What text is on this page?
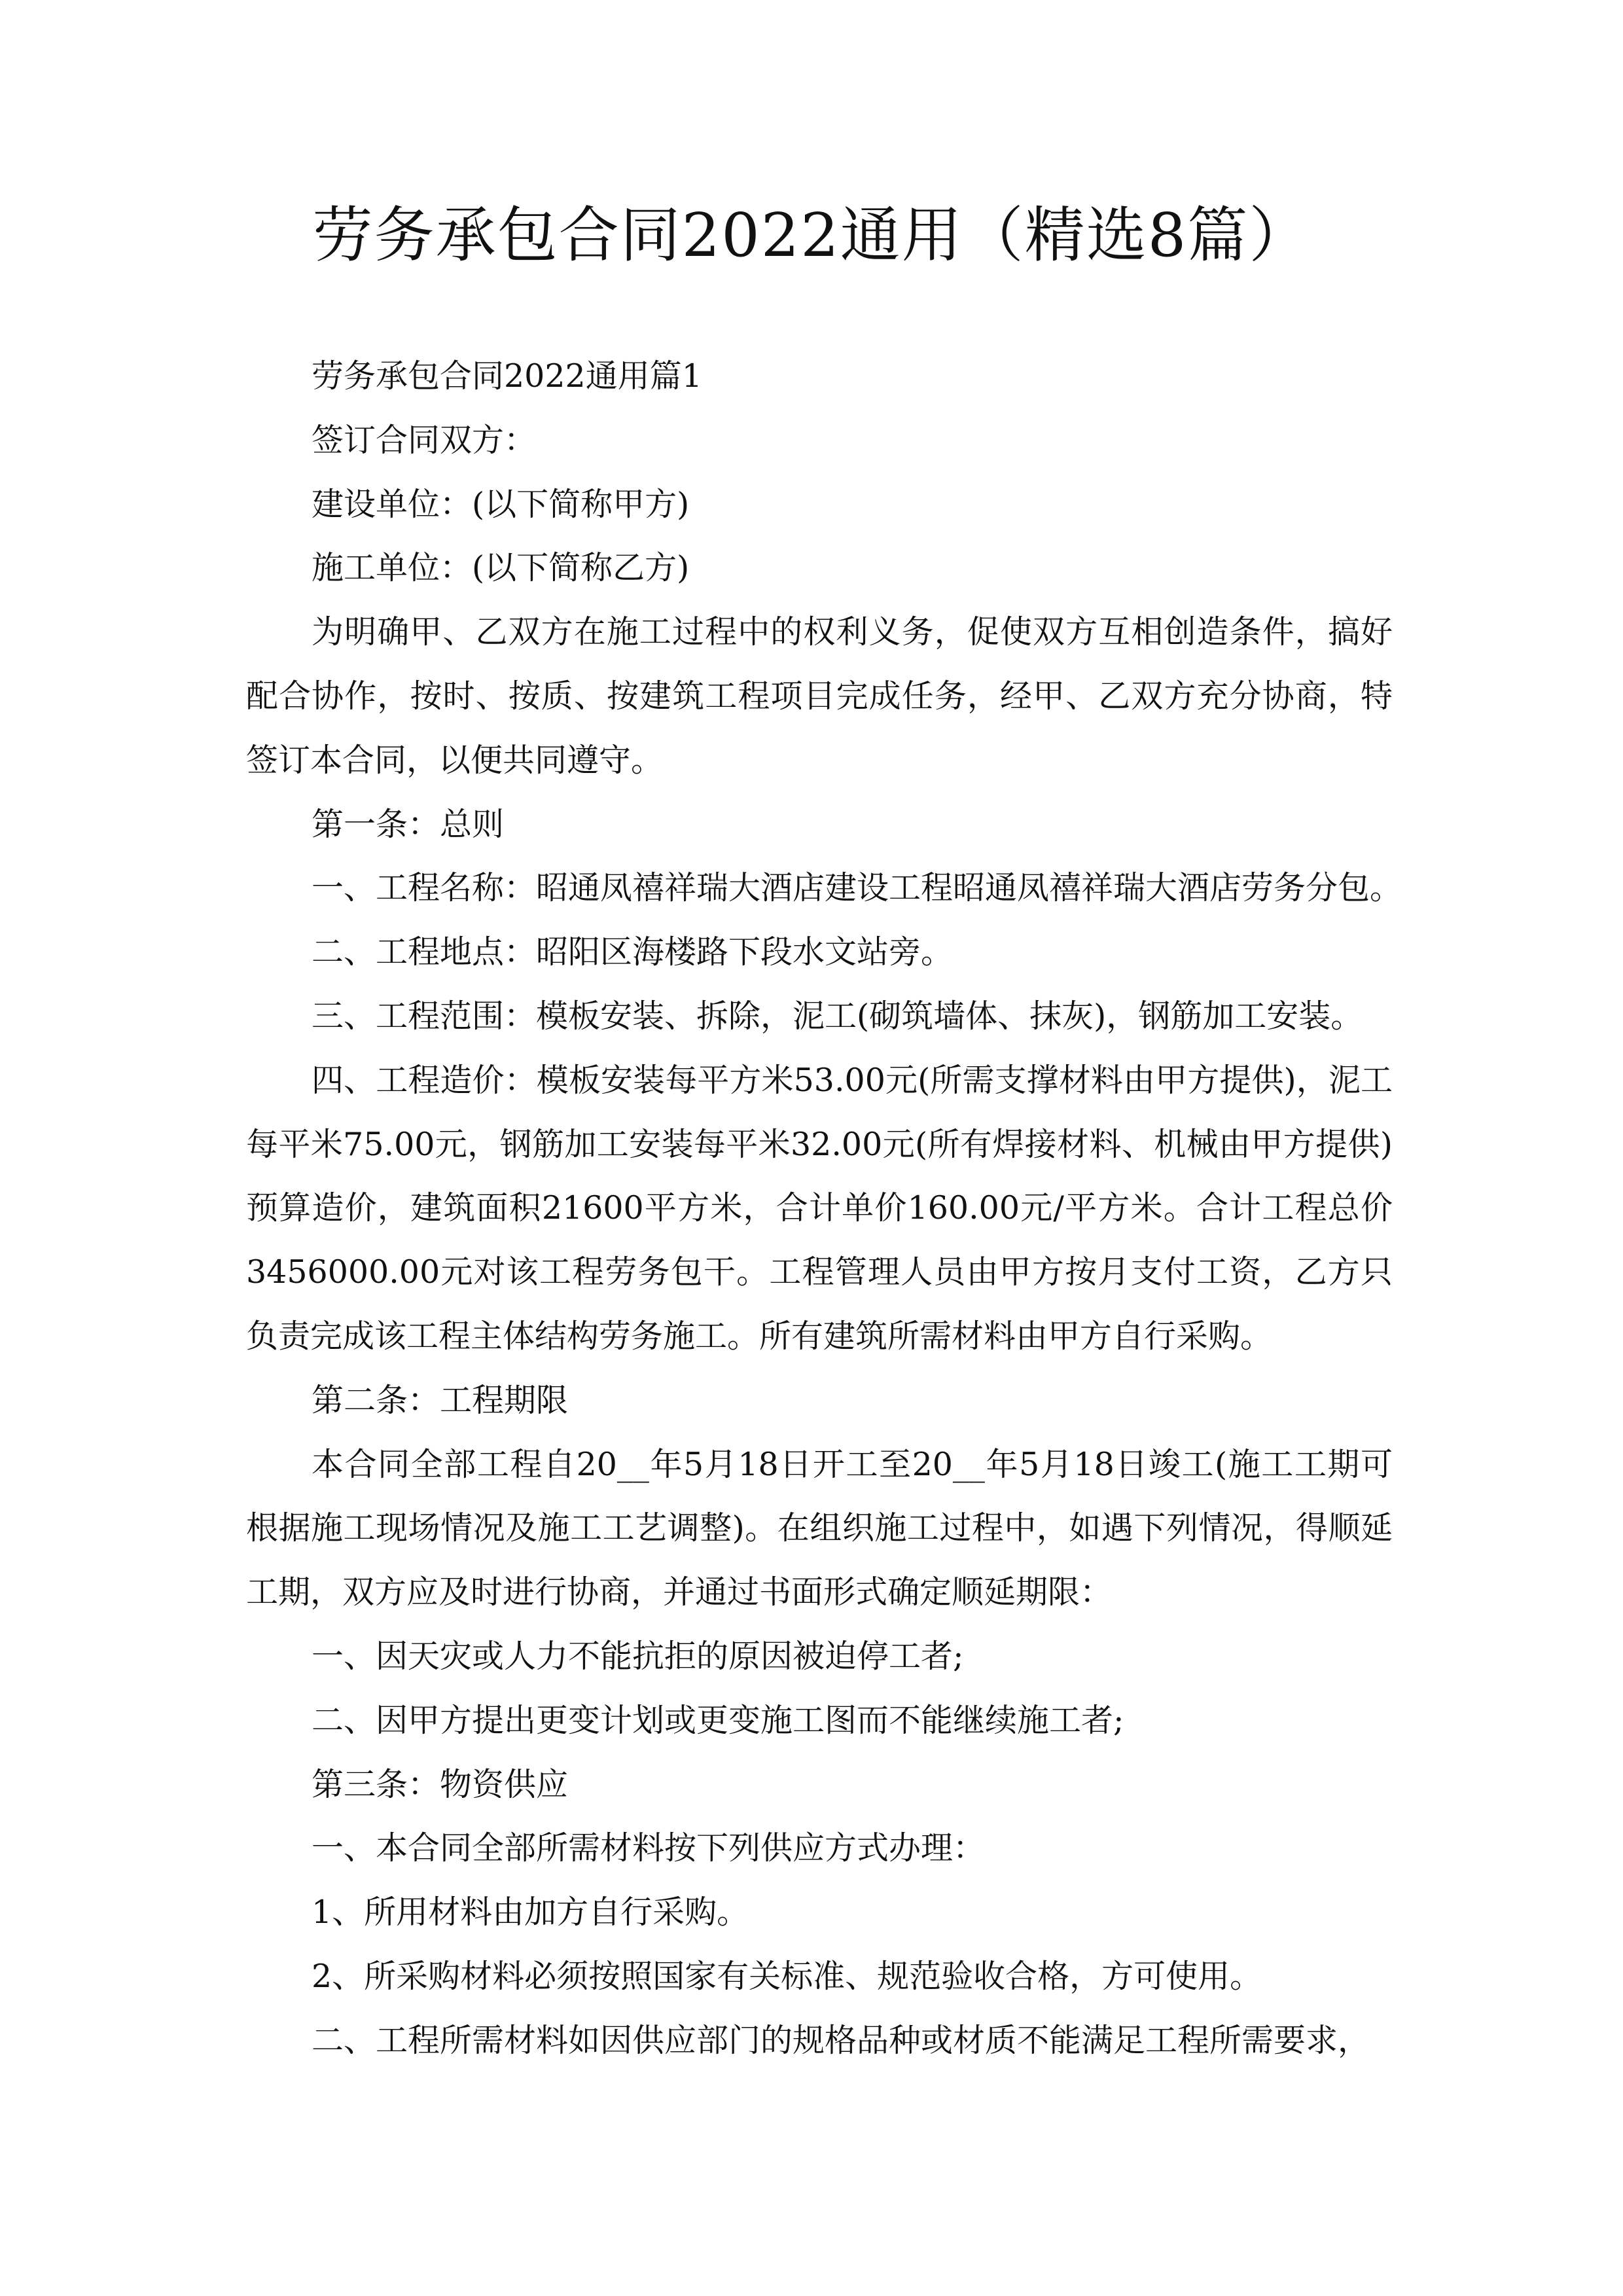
劳务承包合同2022通用（精选8篇）

劳务承包合同2022通用篇1

签订合同双方：

建设单位：(以下简称甲方)

施工单位：(以下简称乙方)

为明确甲、乙双方在施工过程中的权利义务，促使双方互相创造条件，搞好配合协作，按时、按质、按建筑工程项目完成任务，经甲、乙双方充分协商，特签订本合同，以便共同遵守。

第一条：总则

一、工程名称：昭通凤禧祥瑞大酒店建设工程昭通凤禧祥瑞大酒店劳务分包。

二、工程地点：昭阳区海楼路下段水文站旁。

三、工程范围：模板安装、拆除，泥工(砌筑墙体、抹灰)，钢筋加工安装。

四、工程造价：模板安装每平方米53.00元(所需支撑材料由甲方提供)，泥工每平米75.00元，钢筋加工安装每平米32.00元(所有焊接材料、机械由甲方提供)预算造价，建筑面积21600平方米，合计单价160.00元/平方米。合计工程总价3456000.00元对该工程劳务包干。工程管理人员由甲方按月支付工资，乙方只负责完成该工程主体结构劳务施工。所有建筑所需材料由甲方自行采购。

第二条：工程期限

本合同全部工程自20__年5月18日开工至20__年5月18日竣工(施工工期可根据施工现场情况及施工工艺调整)。在组织施工过程中，如遇下列情况，得顺延工期，双方应及时进行协商，并通过书面形式确定顺延期限：

一、因天灾或人力不能抗拒的原因被迫停工者;

二、因甲方提出更变计划或更变施工图而不能继续施工者;

第三条：物资供应

一、本合同全部所需材料按下列供应方式办理：

1、所用材料由加方自行采购。

2、所采购材料必须按照国家有关标准、规范验收合格，方可使用。

二、工程所需材料如因供应部门的规格品种或材质不能满足工程所需要求，
